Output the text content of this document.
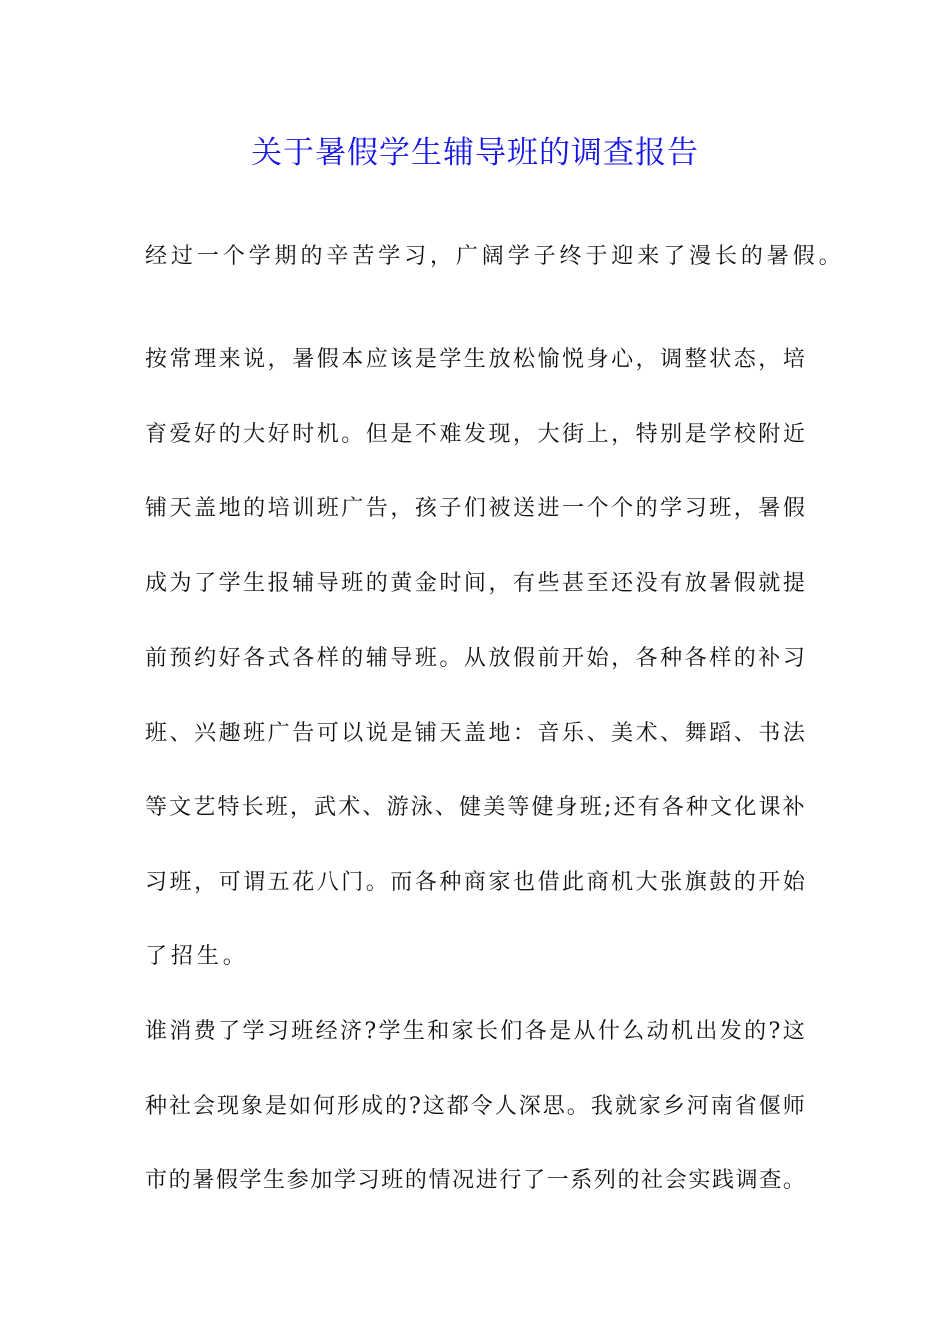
关于暑假学生辅导班的调查报告
经 过 一 个 学 期 的 辛 苦 学 习 ， 广 阔 学 子 终 于 迎 来 了 漫 长 的 暑 假 。
按 常 理 来 说 ， 暑 假 本 应 该 是 学 生 放 松 愉 悦 身 心 ， 调 整 状 态 ， 培
育 爱 好 的 大 好 时 机 。 但 是 不 难 发 现 ， 大 街 上 ， 特 别 是 学 校 附 近
铺 天 盖 地 的 培 训 班 广 告 ， 孩 子 们 被 送 进 一 个 个 的 学 习 班 ， 暑 假
成 为 了 学 生 报 辅 导 班 的 黄 金 时 间 ， 有 些 甚 至 还 没 有 放 暑 假 就 提
前 预 约 好 各 式 各 样 的 辅 导 班 。 从 放 假 前 开 始 ， 各 种 各 样 的 补 习
班 、 兴 趣 班 广 告 可 以 说 是 铺 天 盖 地 ： 音 乐 、 美 术 、 舞 蹈 、 书 法
等 文 艺 特 长 班 ， 武 术 、 游 泳 、 健 美 等 健 身 班 ; 还 有 各 种 文 化 课 补
习 班 ， 可 谓 五 花 八 门 。 而 各 种 商 家 也 借 此 商 机 大 张 旗 鼓 的 开 始
了 招 生 。
谁 消 费 了 学 习 班 经 济 ? 学 生 和 家 长 们 各 是 从 什 么 动 机 出 发 的 ? 这
种 社 会 现 象 是 如 何 形 成 的 ? 这 都 令 人 深 思 。 我 就 家 乡 河 南 省 偃 师
市 的 暑 假 学 生 参 加 学 习 班 的 情 况 进 行 了 一 系 列 的 社 会 实 践 调 查 。
